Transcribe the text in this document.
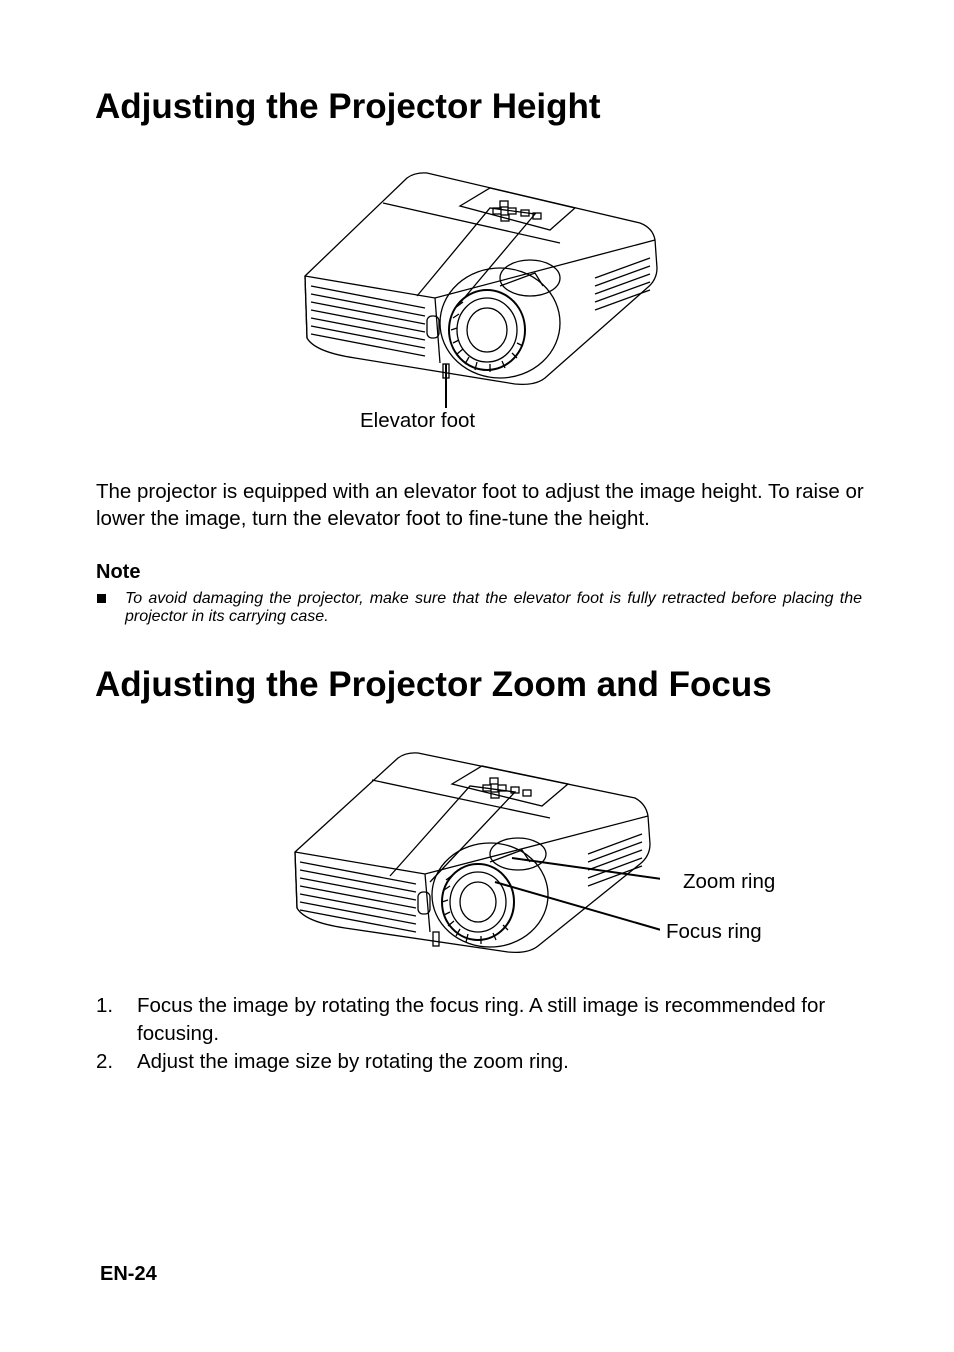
Adjusting the Projector Height
Elevator foot
The projector is equipped with an elevator foot to adjust the image height. To raise or lower the image, turn the elevator foot to fine-tune the height.
Note
To avoid damaging the projector, make sure that the elevator foot is fully retracted before placing the projector in its carrying case.
Adjusting the Projector Zoom and Focus
Zoom ring
Focus ring
1. Focus the image by rotating the focus ring. A still image is recommended for focusing.
2. Adjust the image size by rotating the zoom ring.
EN-24
